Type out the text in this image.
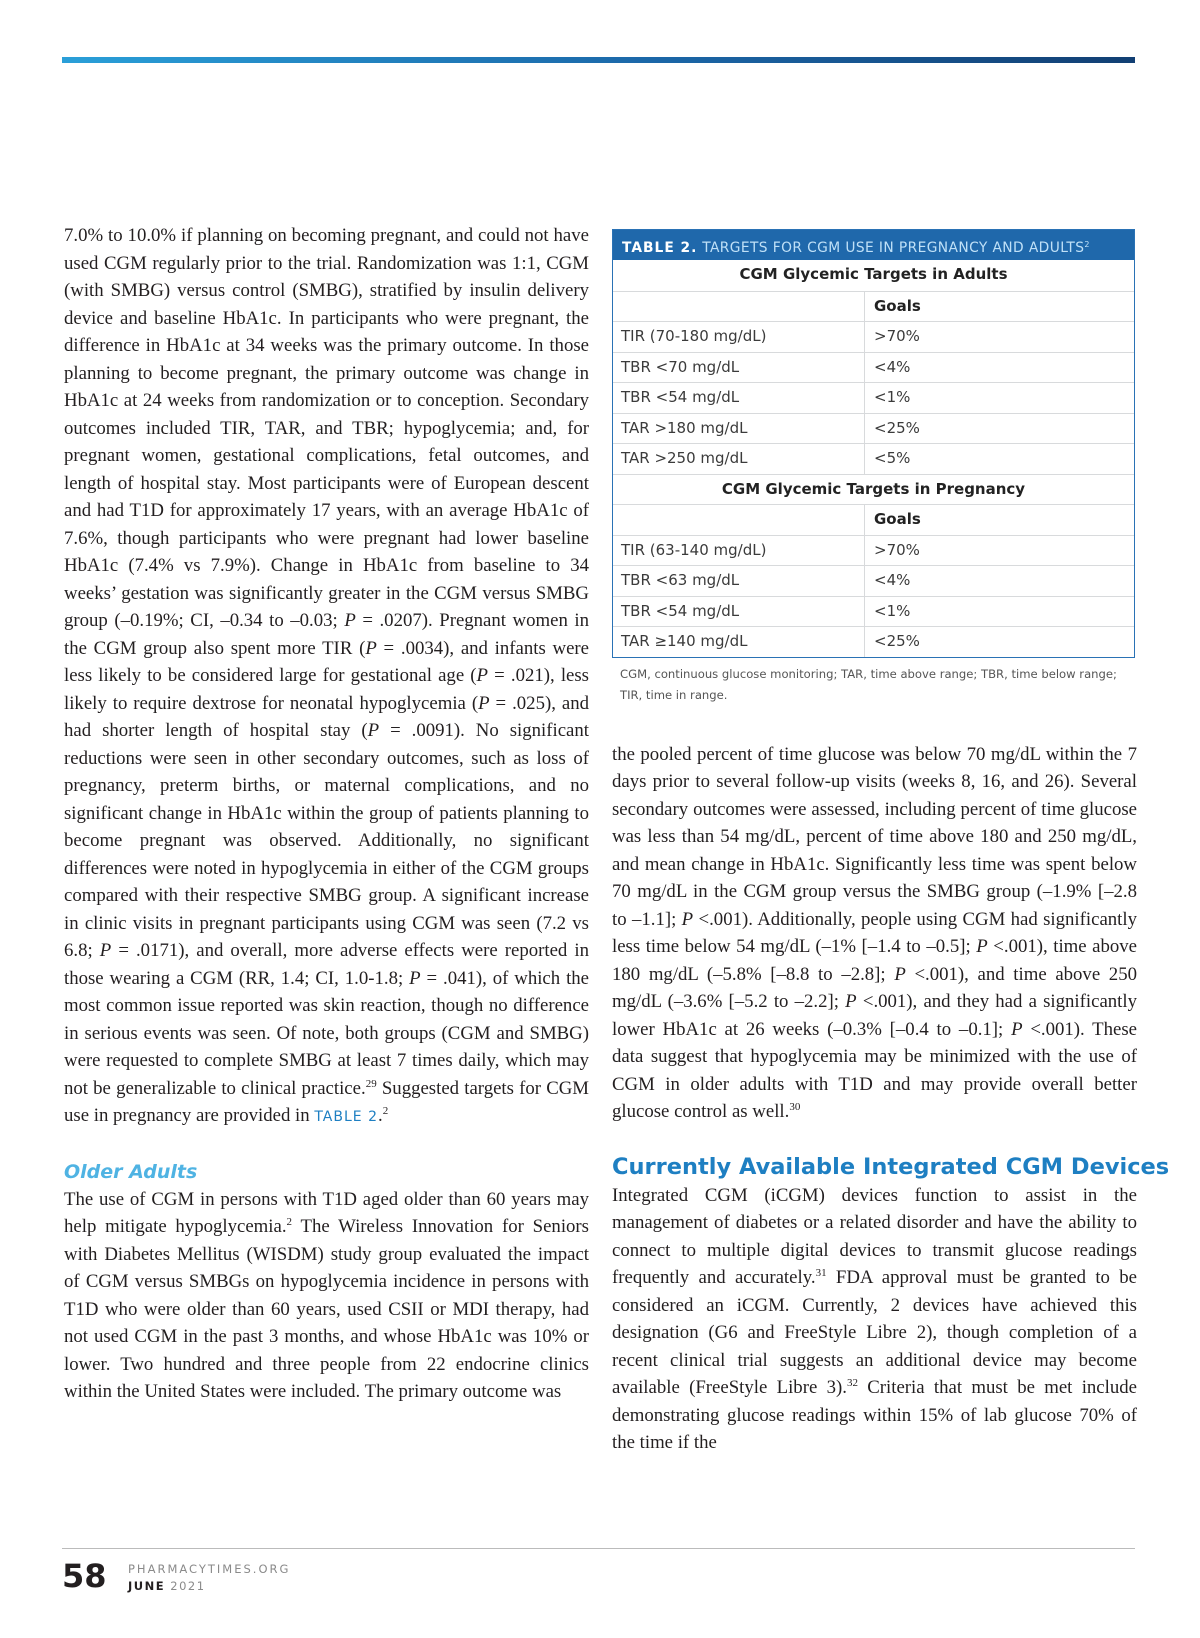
7.0% to 10.0% if planning on becoming pregnant, and could not have used CGM regularly prior to the trial. Randomization was 1:1, CGM (with SMBG) versus control (SMBG), stratified by insulin delivery device and baseline HbA1c. In participants who were pregnant, the difference in HbA1c at 34 weeks was the primary outcome. In those planning to become pregnant, the primary outcome was change in HbA1c at 24 weeks from randomization or to conception. Secondary outcomes included TIR, TAR, and TBR; hypoglycemia; and, for pregnant women, gestational complications, fetal outcomes, and length of hospital stay. Most participants were of European descent and had T1D for approximately 17 years, with an average HbA1c of 7.6%, though participants who were pregnant had lower baseline HbA1c (7.4% vs 7.9%). Change in HbA1c from baseline to 34 weeks’ gestation was significantly greater in the CGM versus SMBG group (–0.19%; CI, –0.34 to –0.03; P = .0207). Pregnant women in the CGM group also spent more TIR (P = .0034), and infants were less likely to be considered large for gestational age (P = .021), less likely to require dextrose for neonatal hypoglycemia (P = .025), and had shorter length of hospital stay (P = .0091). No significant reductions were seen in other secondary outcomes, such as loss of pregnancy, preterm births, or maternal complications, and no significant change in HbA1c within the group of patients planning to become pregnant was observed. Additionally, no significant differences were noted in hypoglycemia in either of the CGM groups compared with their respective SMBG group. A significant increase in clinic visits in pregnant participants using CGM was seen (7.2 vs 6.8; P = .0171), and overall, more adverse effects were reported in those wearing a CGM (RR, 1.4; CI, 1.0-1.8; P = .041), of which the most common issue reported was skin reaction, though no difference in serious events was seen. Of note, both groups (CGM and SMBG) were requested to complete SMBG at least 7 times daily, which may not be generalizable to clinical practice.$^{29}$ Suggested targets for CGM use in pregnancy are provided in TABLE 2.$^2$

Older Adults

The use of CGM in persons with T1D aged older than 60 years may help mitigate hypoglycemia.$^2$ The Wireless Innovation for Seniors with Diabetes Mellitus (WISDM) study group evaluated the impact of CGM versus SMBGs on hypoglycemia incidence in persons with T1D who were older than 60 years, used CSII or MDI therapy, had not used CGM in the past 3 months, and whose HbA1c was 10% or lower. Two hundred and three people from 22 endocrine clinics within the United States were included. The primary outcome was

TABLE 2. TARGETS FOR CGM USE IN PREGNANCY AND ADULTS$^2$
CGM Glycemic Targets in Adults
Goals
TIR (70-180 mg/dL)	>70%
TBR <70 mg/dL	<4%
TBR <54 mg/dL	<1%
TAR >180 mg/dL	<25%
TAR >250 mg/dL	<5%
CGM Glycemic Targets in Pregnancy
Goals
TIR (63-140 mg/dL)	>70%
TBR <63 mg/dL	<4%
TBR <54 mg/dL	<1%
TAR ≥140 mg/dL	<25%

CGM, continuous glucose monitoring; TAR, time above range; TBR, time below range; TIR, time in range.

the pooled percent of time glucose was below 70 mg/dL within the 7 days prior to several follow-up visits (weeks 8, 16, and 26). Several secondary outcomes were assessed, including percent of time glucose was less than 54 mg/dL, percent of time above 180 and 250 mg/dL, and mean change in HbA1c. Significantly less time was spent below 70 mg/dL in the CGM group versus the SMBG group (–1.9% [–2.8 to –1.1]; P <.001). Additionally, people using CGM had significantly less time below 54 mg/dL (–1% [–1.4 to –0.5]; P <.001), time above 180 mg/dL (–5.8% [–8.8 to –2.8]; P <.001), and time above 250 mg/dL (–3.6% [–5.2 to –2.2]; P <.001), and they had a significantly lower HbA1c at 26 weeks (–0.3% [–0.4 to –0.1]; P <.001). These data suggest that hypoglycemia may be minimized with the use of CGM in older adults with T1D and may provide overall better glucose control as well.$^{30}$

Currently Available Integrated CGM Devices

Integrated CGM (iCGM) devices function to assist in the management of diabetes or a related disorder and have the ability to connect to multiple digital devices to transmit glucose readings frequently and accurately.$^{31}$ FDA approval must be granted to be considered an iCGM. Currently, 2 devices have achieved this designation (G6 and FreeStyle Libre 2), though completion of a recent clinical trial suggests an additional device may become available (FreeStyle Libre 3).$^{32}$ Criteria that must be met include demonstrating glucose readings within 15% of lab glucose 70% of the time if the

58 PHARMACYTIMES.ORG
JUNE 2021
